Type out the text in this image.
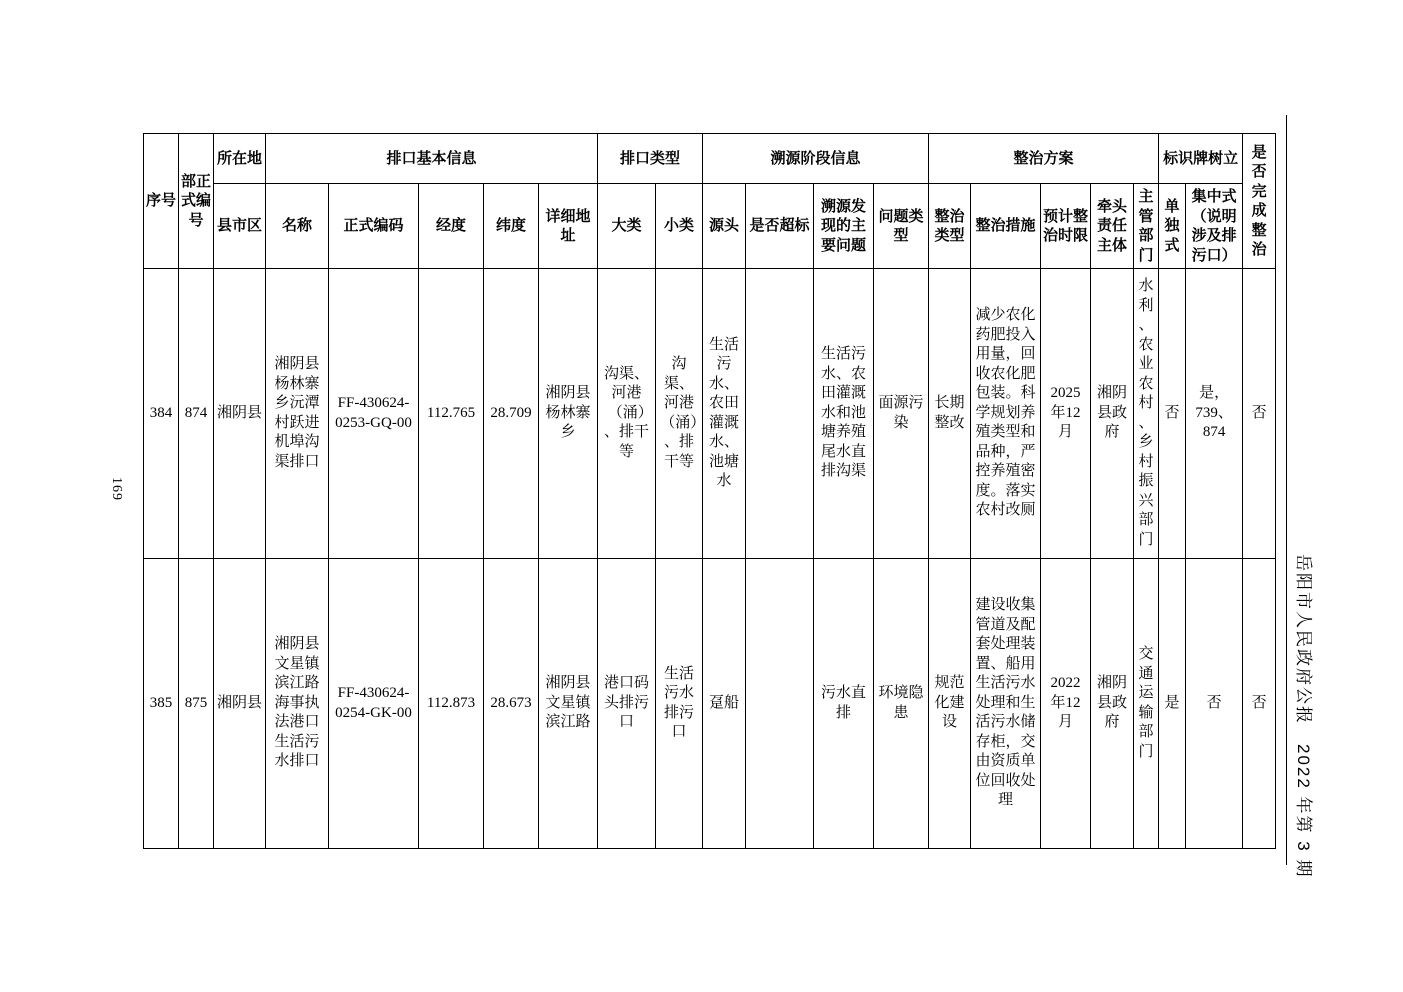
169
岳阳市人民政府公报　2022 年第 3 期
序号	部正式编号	所在地	排口基本信息					排口类型		溯源阶段信息				整治方案					标识牌树立		是否完成整治
		县市区	名称	正式编码	经度	纬度	详细地址	大类	小类	源头	是否超标	溯源发现的主要问题	问题类型	整治类型	整治措施	预计整治时限	牵头责任主体	主管部门	单独式	集中式（说明涉及排污口）	
384	874	湘阴县	湘阴县杨林寨乡沅潭村跃进机埠沟渠排口	FF-430624-0253-GQ-00	112.765	28.709	湘阴县杨林寨乡	沟渠、河港（涌）、排干等	沟渠、河港（涌）、排干等	生活污水、农田灌溉水、池塘水		生活污水、农田灌溉水和池塘养殖尾水直排沟渠	面源污染	长期整改	减少农化药肥投入用量，回收农化肥包装。科学规划养殖类型和品种，严控养殖密度。落实农村改厕	2025年12月	湘阴县政府	水利、农业农村、乡村振兴部门	否	是，739、874	否
385	875	湘阴县	湘阴县文星镇滨江路海事执法港口生活污水排口	FF-430624-0254-GK-00	112.873	28.673	湘阴县文星镇滨江路	港口码头排污口	生活污水排污口	趸船		污水直排	环境隐患	规范化建设	建设收集管道及配套处理装置、船用生活污水处理和生活污水储存柜，交由资质单位回收处理	2022年12月	湘阴县政府	交通运输部门	是	否	否
